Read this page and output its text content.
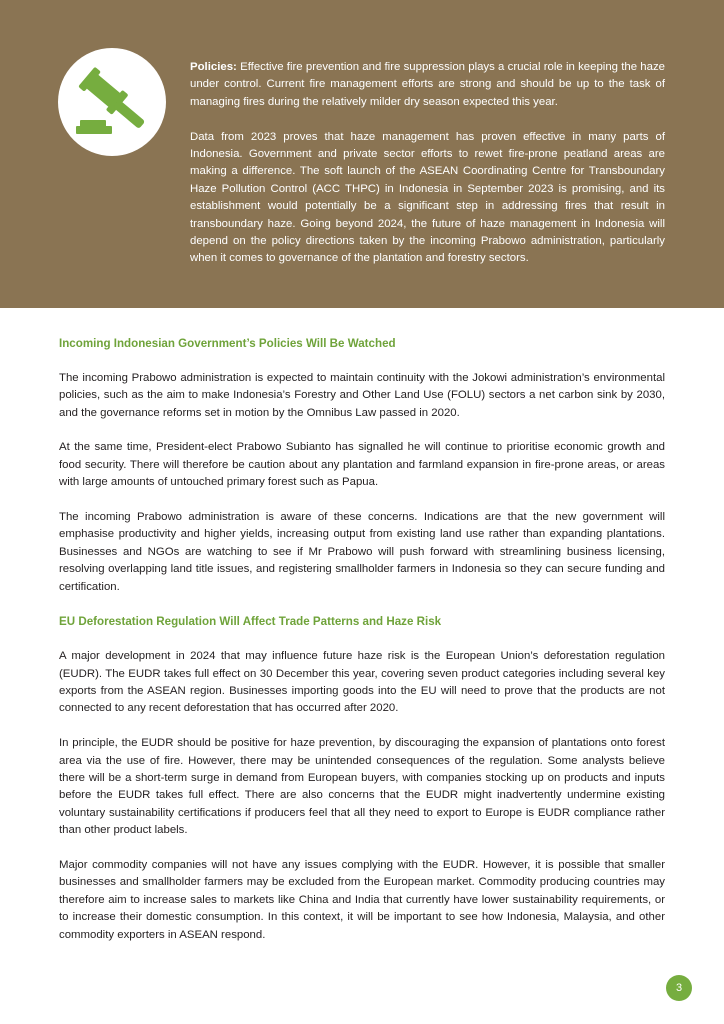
Policies: Effective fire prevention and fire suppression plays a crucial role in keeping the haze under control. Current fire management efforts are strong and should be up to the task of managing fires during the relatively milder dry season expected this year.

Data from 2023 proves that haze management has proven effective in many parts of Indonesia. Government and private sector efforts to rewet fire-prone peatland areas are making a difference. The soft launch of the ASEAN Coordinating Centre for Transboundary Haze Pollution Control (ACC THPC) in Indonesia in September 2023 is promising, and its establishment would potentially be a significant step in addressing fires that result in transboundary haze. Going beyond 2024, the future of haze management in Indonesia will depend on the policy directions taken by the incoming Prabowo administration, particularly when it comes to governance of the plantation and forestry sectors.

Incoming Indonesian Government’s Policies Will Be Watched

The incoming Prabowo administration is expected to maintain continuity with the Jokowi administration’s environmental policies, such as the aim to make Indonesia’s Forestry and Other Land Use (FOLU) sectors a net carbon sink by 2030, and the governance reforms set in motion by the Omnibus Law passed in 2020.

At the same time, President-elect Prabowo Subianto has signalled he will continue to prioritise economic growth and food security. There will therefore be caution about any plantation and farmland expansion in fire-prone areas, or areas with large amounts of untouched primary forest such as Papua.

The incoming Prabowo administration is aware of these concerns. Indications are that the new government will emphasise productivity and higher yields, increasing output from existing land use rather than expanding plantations. Businesses and NGOs are watching to see if Mr Prabowo will push forward with streamlining business licensing, resolving overlapping land title issues, and registering smallholder farmers in Indonesia so they can secure funding and certification.

EU Deforestation Regulation Will Affect Trade Patterns and Haze Risk

A major development in 2024 that may influence future haze risk is the European Union’s deforestation regulation (EUDR). The EUDR takes full effect on 30 December this year, covering seven product categories including several key exports from the ASEAN region. Businesses importing goods into the EU will need to prove that the products are not connected to any recent deforestation that has occurred after 2020.

In principle, the EUDR should be positive for haze prevention, by discouraging the expansion of plantations onto forest area via the use of fire. However, there may be unintended consequences of the regulation. Some analysts believe there will be a short-term surge in demand from European buyers, with companies stocking up on products and inputs before the EUDR takes full effect. There are also concerns that the EUDR might inadvertently undermine existing voluntary sustainability certifications if producers feel that all they need to export to Europe is EUDR compliance rather than other product labels.

Major commodity companies will not have any issues complying with the EUDR. However, it is possible that smaller businesses and smallholder farmers may be excluded from the European market. Commodity producing countries may therefore aim to increase sales to markets like China and India that currently have lower sustainability requirements, or to increase their domestic consumption. In this context, it will be important to see how Indonesia, Malaysia, and other commodity exporters in ASEAN respond.

3
